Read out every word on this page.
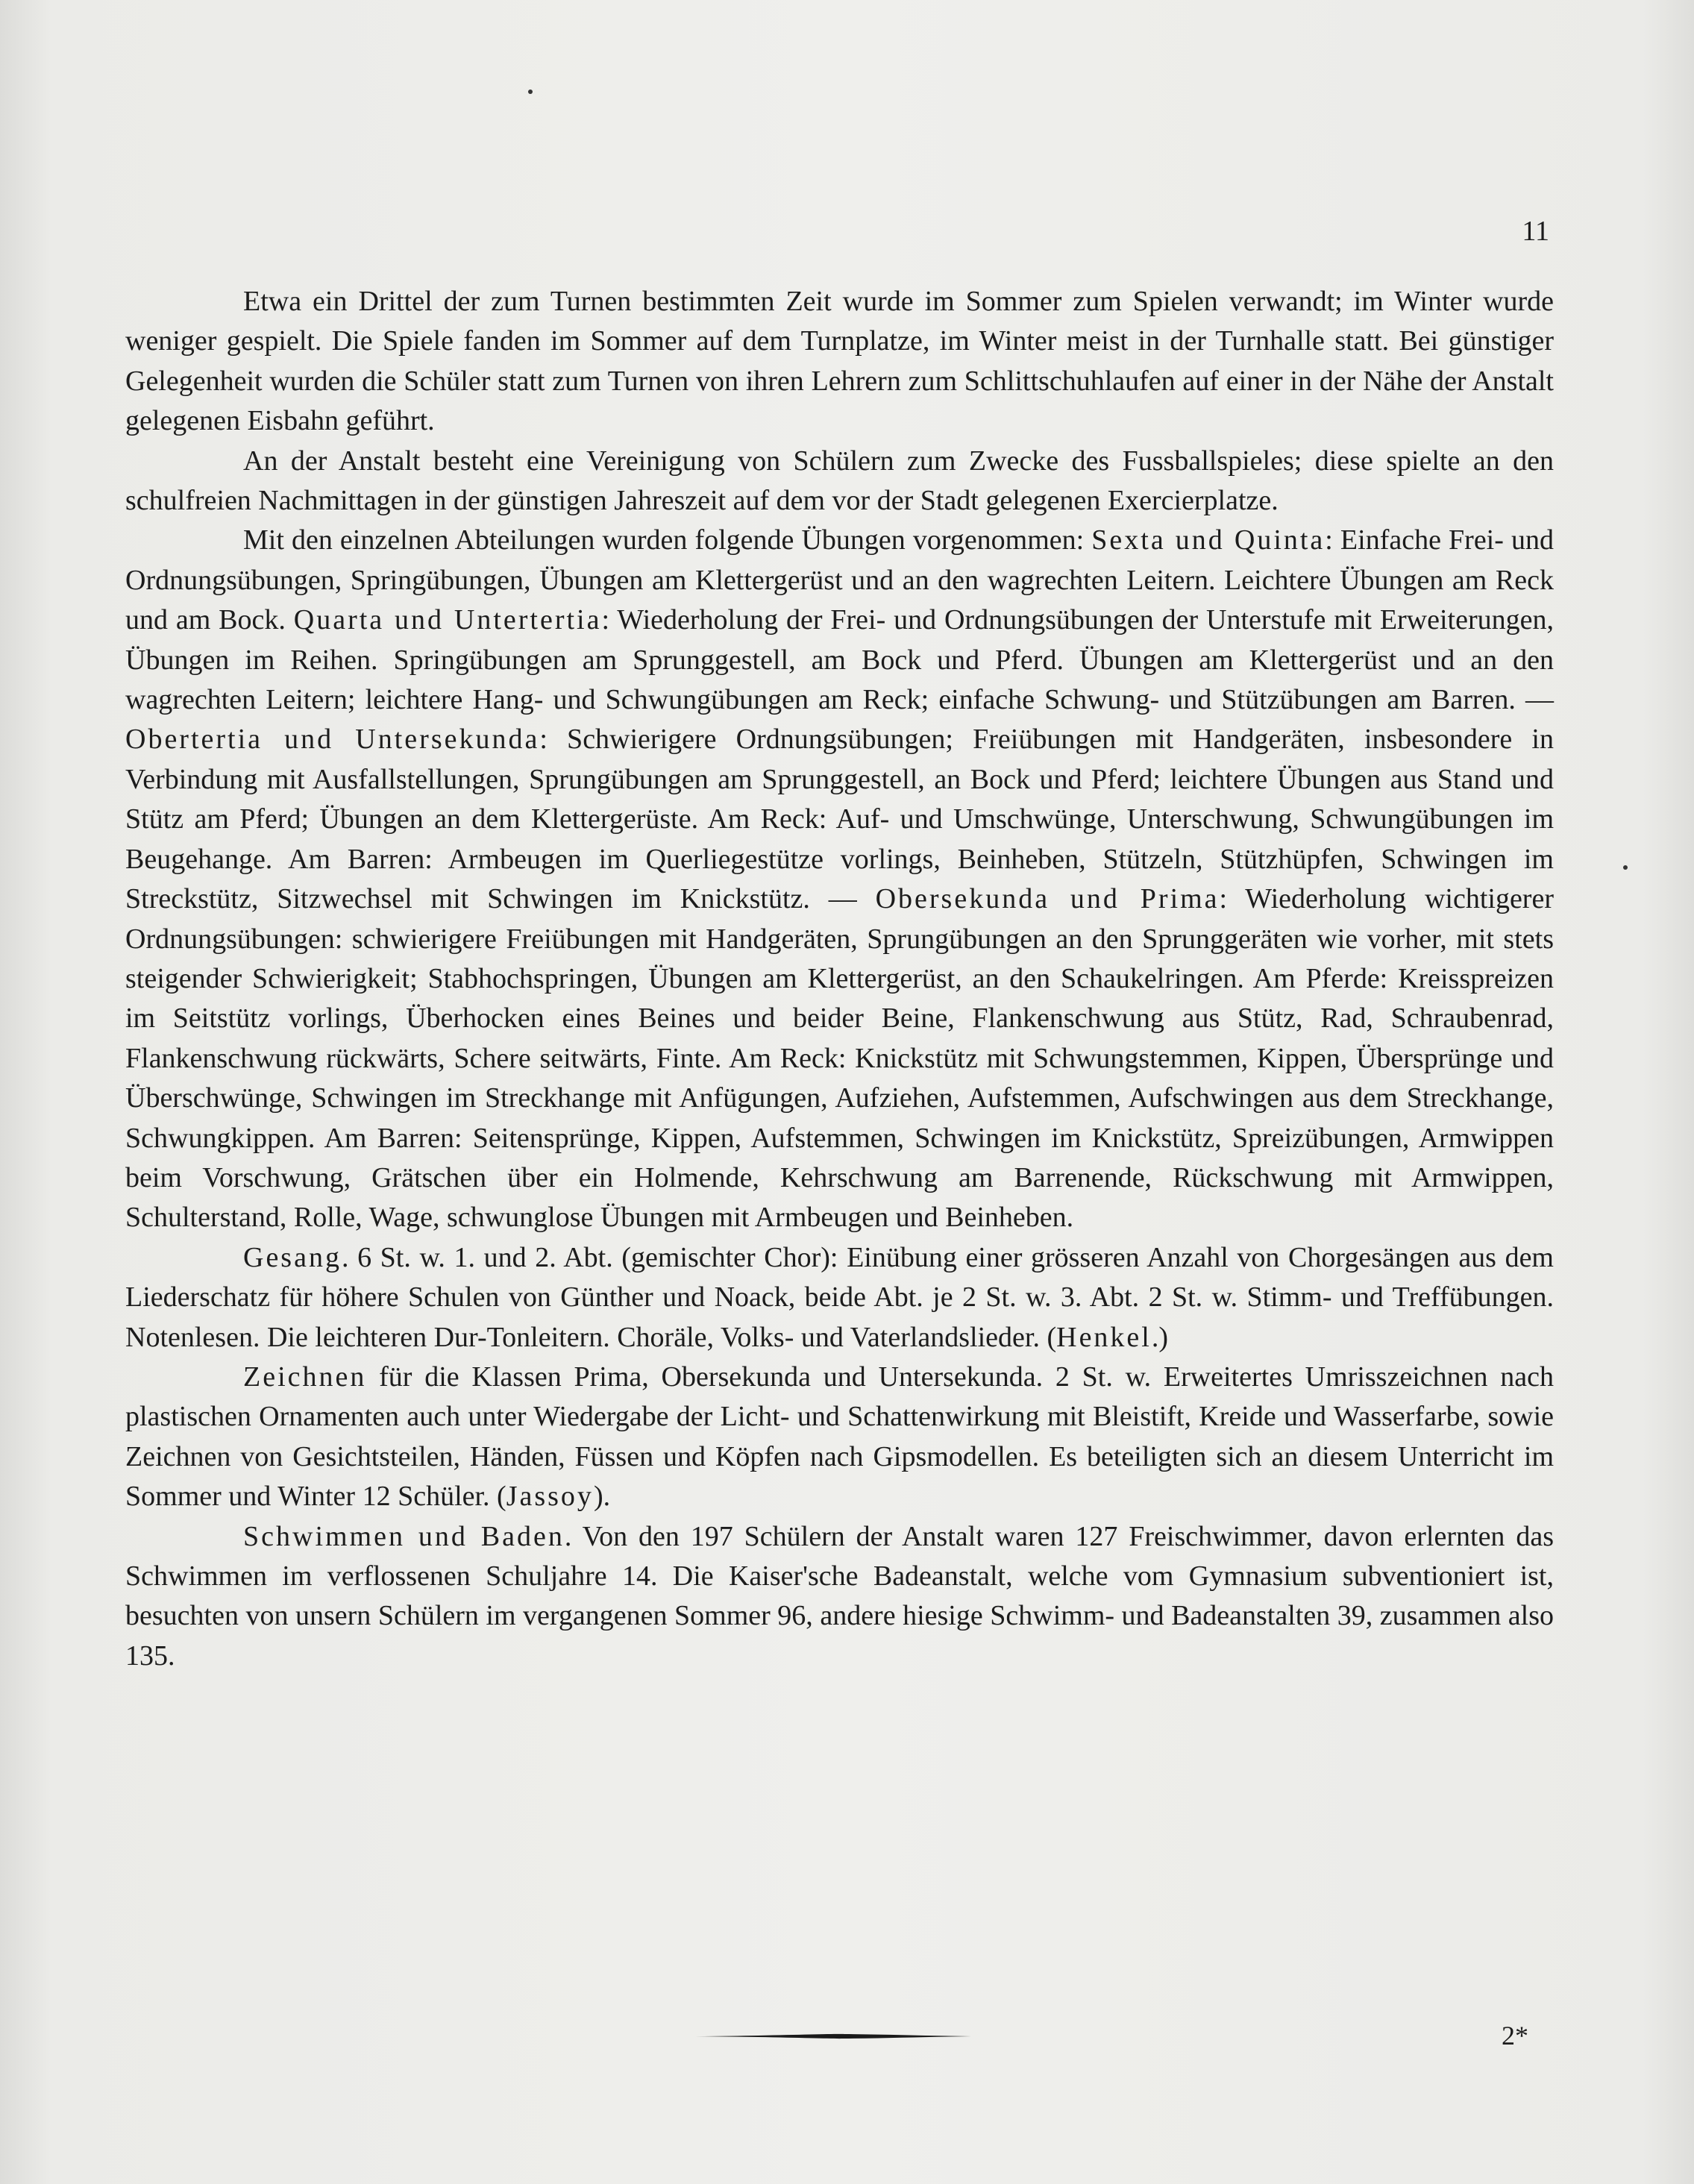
11

Etwa ein Drittel der zum Turnen bestimmten Zeit wurde im Sommer zum Spielen verwandt; im Winter wurde weniger gespielt. Die Spiele fanden im Sommer auf dem Turnplatze, im Winter meist in der Turnhalle statt. Bei günstiger Gelegenheit wurden die Schüler statt zum Turnen von ihren Lehrern zum Schlittschuhlaufen auf einer in der Nähe der Anstalt gelegenen Eisbahn geführt.

An der Anstalt besteht eine Vereinigung von Schülern zum Zwecke des Fussballspieles; diese spielte an den schulfreien Nachmittagen in der günstigen Jahreszeit auf dem vor der Stadt gelegenen Exercierplatze.

Mit den einzelnen Abteilungen wurden folgende Übungen vorgenommen: Sexta und Quinta: Einfache Frei- und Ordnungsübungen, Springübungen, Übungen am Klettergerüst und an den wagrechten Leitern. Leichtere Übungen am Reck und am Bock. Quarta und Untertertia: Wiederholung der Frei- und Ordnungsübungen der Unterstufe mit Erweiterungen, Übungen im Reihen. Springübungen am Sprunggestell, am Bock und Pferd. Übungen am Klettergerüst und an den wagrechten Leitern; leichtere Hang- und Schwungübungen am Reck; einfache Schwung- und Stützübungen am Barren. — Obertertia und Untersekunda: Schwierigere Ordnungsübungen; Freiübungen mit Handgeräten, insbesondere in Verbindung mit Ausfallstellungen, Sprungübungen am Sprunggestell, an Bock und Pferd; leichtere Übungen aus Stand und Stütz am Pferd; Übungen an dem Klettergerüste. Am Reck: Auf- und Umschwünge, Unterschwung, Schwungübungen im Beugehange. Am Barren: Armbeugen im Querliegestütze vorlings, Beinheben, Stützeln, Stützhüpfen, Schwingen im Streckstütz, Sitzwechsel mit Schwingen im Knickstütz. — Obersekunda und Prima: Wiederholung wichtigerer Ordnungsübungen: schwierigere Freiübungen mit Handgeräten, Sprungübungen an den Sprunggeräten wie vorher, mit stets steigender Schwierigkeit; Stabhochspringen, Übungen am Klettergerüst, an den Schaukelringen. Am Pferde: Kreisspreizen im Seitstütz vorlings, Überhocken eines Beines und beider Beine, Flankenschwung aus Stütz, Rad, Schraubenrad, Flankenschwung rückwärts, Schere seitwärts, Finte. Am Reck: Knickstütz mit Schwungstemmen, Kippen, Übersprünge und Überschwünge, Schwingen im Streckhange mit Anfügungen, Aufziehen, Aufstemmen, Aufschwingen aus dem Streckhange, Schwungkippen. Am Barren: Seitensprünge, Kippen, Aufstemmen, Schwingen im Knickstütz, Spreizübungen, Armwippen beim Vorschwung, Grätschen über ein Holmende, Kehrschwung am Barrenende, Rückschwung mit Armwippen, Schulterstand, Rolle, Wage, schwunglose Übungen mit Armbeugen und Beinheben.

Gesang. 6 St. w. 1. und 2. Abt. (gemischter Chor): Einübung einer grösseren Anzahl von Chorgesängen aus dem Liederschatz für höhere Schulen von Günther und Noack, beide Abt. je 2 St. w. 3. Abt. 2 St. w. Stimm- und Treffübungen. Notenlesen. Die leichteren Dur-Tonleitern. Choräle, Volks- und Vaterlandslieder. (Henkel.)

Zeichnen für die Klassen Prima, Obersekunda und Untersekunda. 2 St. w. Erweitertes Umrisszeichnen nach plastischen Ornamenten auch unter Wiedergabe der Licht- und Schattenwirkung mit Bleistift, Kreide und Wasserfarbe, sowie Zeichnen von Gesichtsteilen, Händen, Füssen und Köpfen nach Gipsmodellen. Es beteiligten sich an diesem Unterricht im Sommer und Winter 12 Schüler. (Jassoy).

Schwimmen und Baden. Von den 197 Schülern der Anstalt waren 127 Freischwimmer, davon erlernten das Schwimmen im verflossenen Schuljahre 14. Die Kaiser'sche Badeanstalt, welche vom Gymnasium subventioniert ist, besuchten von unsern Schülern im vergangenen Sommer 96, andere hiesige Schwimm- und Badeanstalten 39, zusammen also 135.

2*
